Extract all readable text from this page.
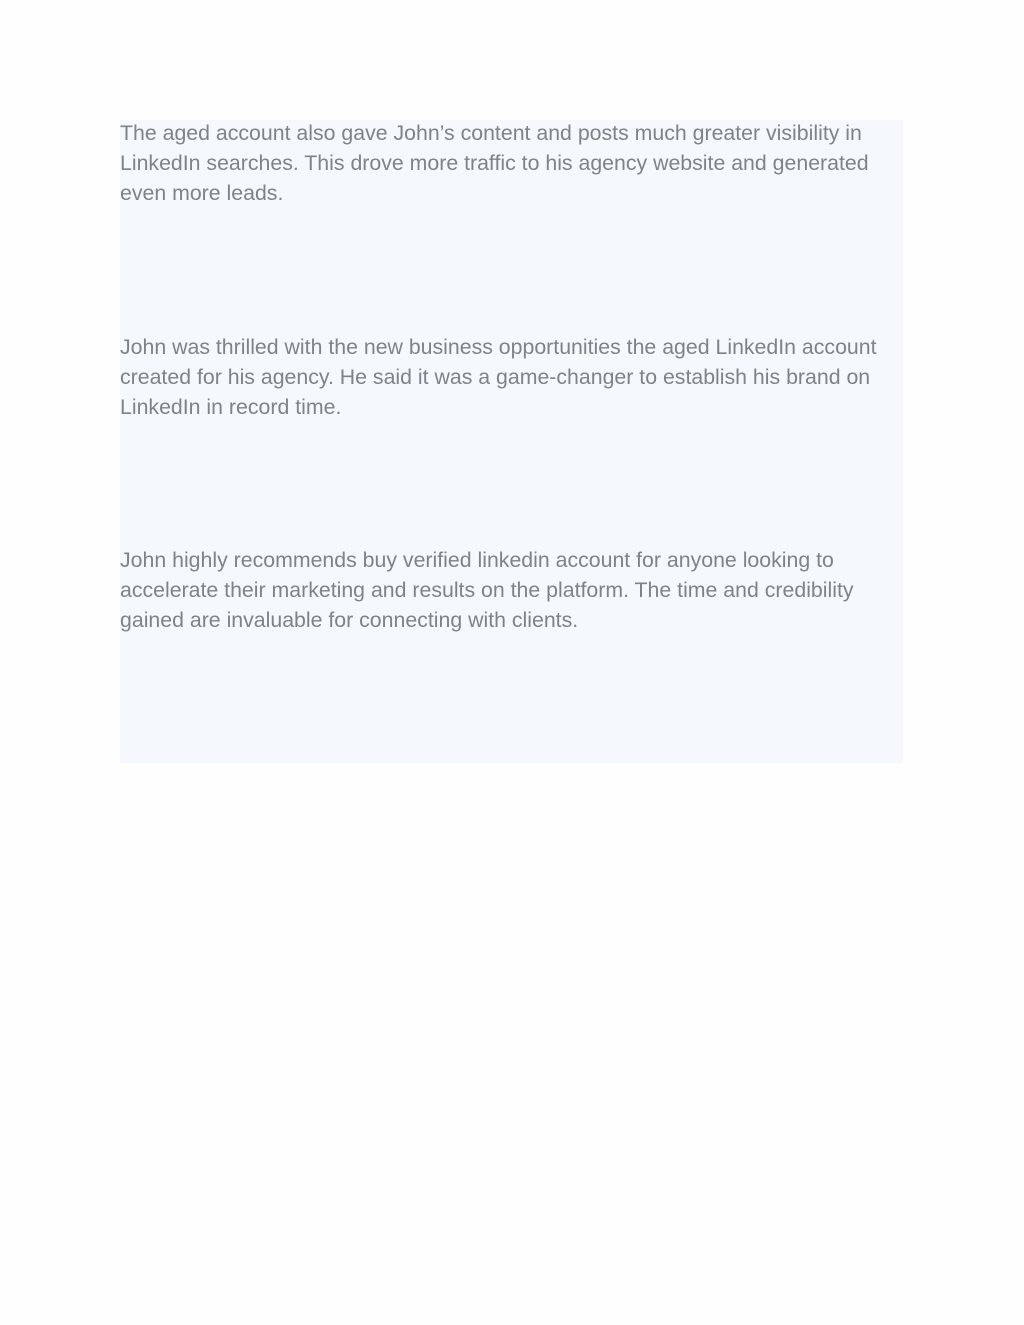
The aged account also gave John’s content and posts much greater visibility in LinkedIn searches. This drove more traffic to his agency website and generated even more leads.

John was thrilled with the new business opportunities the aged LinkedIn account created for his agency. He said it was a game-changer to establish his brand on LinkedIn in record time.

John highly recommends buy verified linkedin account for anyone looking to accelerate their marketing and results on the platform. The time and credibility gained are invaluable for connecting with clients.
